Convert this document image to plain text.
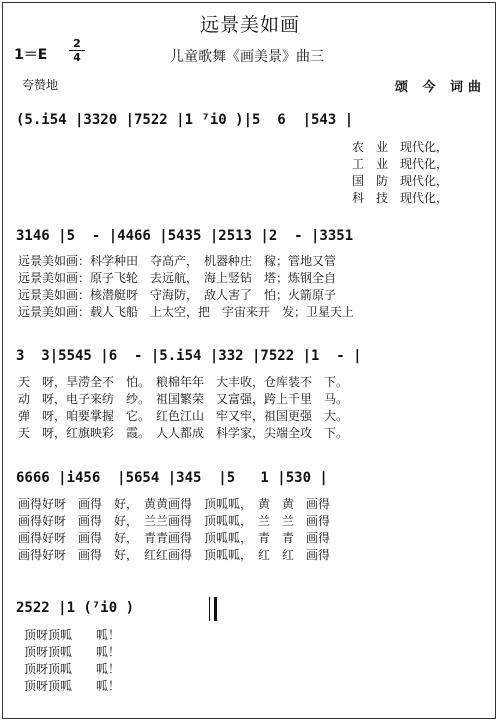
远景美如画
1＝E
2
4	儿童歌舞《画美景》曲三
夸赞地	颂 今 词曲
(5.i54 |3320 |7522 |1 ⁷i0 )|5  6  |543 |
农　业　现代化，
工　业　现代化，
国　防　现代化，
科　技　现代化，
3146 |5  - |4466 |5435 |2513 |2  - |3351
远景美如画：科学种田　夺高产，　机器种庄　稼；管地又管
远景美如画：原子飞轮　去远航，　海上竖钻　塔；炼钢全自
远景美如画：核潜艇呀　守海防，　敌人害了　怕；火箭原子
远景美如画：载人飞船　上太空，把　宇宙来开　发；卫星天上
3  3|5545 |6  - |5.i54 |332 |7522 |1  - |
天　呀，旱涝全不　怕。　粮棉年年　大丰收，仓库装不　下。
动　呀，电子来纺　纱。　祖国繁荣　又富强，跨上千里　马。
弹　呀，咱要掌握　它。　红色江山　牢又牢，祖国更强　大。
天　呀，红旗映彩　霞。　人人都成　科学家，尖端全攻　下。
6666 |i456  |5654 |345  |5   1 |530 |
画得好呀　画得　好，　黄黄画得　顶呱呱，　黄　黄　画得
画得好呀　画得　好，　兰兰画得　顶呱呱，　兰　兰　画得
画得好呀　画得　好，　青青画得　顶呱呱，　青　青　画得
画得好呀　画得　好，　红红画得　顶呱呱，　红　红　画得
2522 |1 (⁷i0 )
顶呀顶呱　　呱！
顶呀顶呱　　呱！
顶呀顶呱　　呱！
顶呀顶呱　　呱！
